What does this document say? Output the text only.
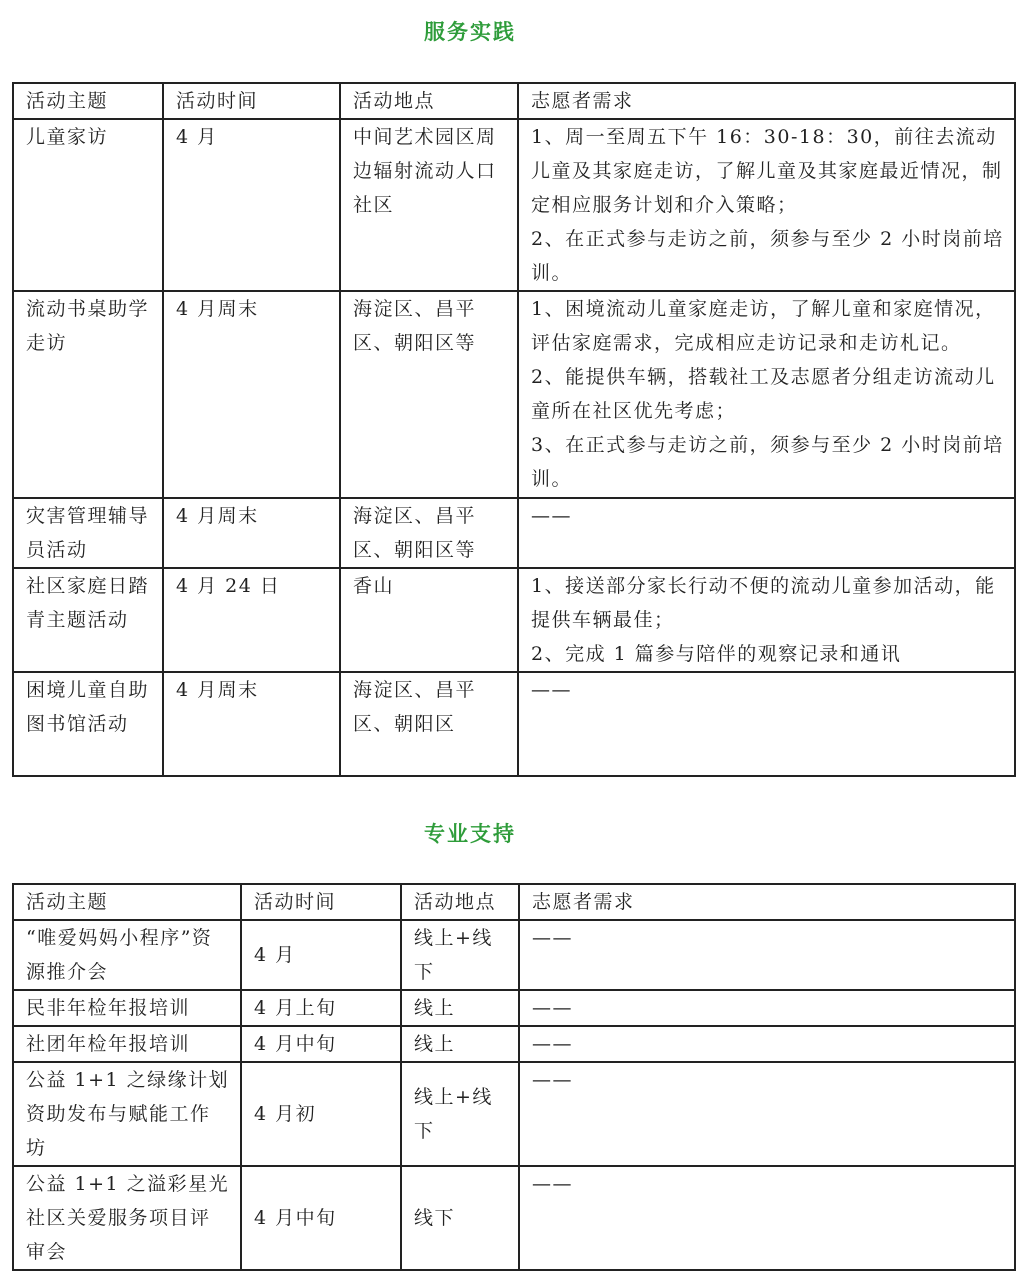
服务实践
活动主题	活动时间	活动地点	志愿者需求
儿童家访	4 月	中间艺术园区周边辐射流动人口社区	1、周一至周五下午 16：30-18：30，前往去流动儿童及其家庭走访，了解儿童及其家庭最近情况，制定相应服务计划和介入策略；
2、在正式参与走访之前，须参与至少 2 小时岗前培训。

流动书桌助学走访	4 月周末	海淀区、昌平区、朝阳区等	1、困境流动儿童家庭走访，了解儿童和家庭情况，评估家庭需求，完成相应走访记录和走访札记。
2、能提供车辆，搭载社工及志愿者分组走访流动儿童所在社区优先考虑；
3、在正式参与走访之前，须参与至少 2 小时岗前培训。

灾害管理辅导员活动	4 月周末	海淀区、昌平区、朝阳区等	——

社区家庭日踏青主题活动	4 月 24 日	香山	1、接送部分家长行动不便的流动儿童参加活动，能提供车辆最佳；
2、完成 1 篇参与陪伴的观察记录和通讯

困境儿童自助图书馆活动	4 月周末	海淀区、昌平区、朝阳区	——
专业支持
活动主题	活动时间	活动地点	志愿者需求
“唯爱妈妈小程序”资源推介会	4 月	线上+线下	——
民非年检年报培训	4 月上旬	线上	——
社团年检年报培训	4 月中旬	线上	——
公益 1+1 之绿缘计划资助发布与赋能工作坊	4 月初	线上+线下	——
公益 1+1 之溢彩星光社区关爱服务项目评审会	4 月中旬	线下	——
